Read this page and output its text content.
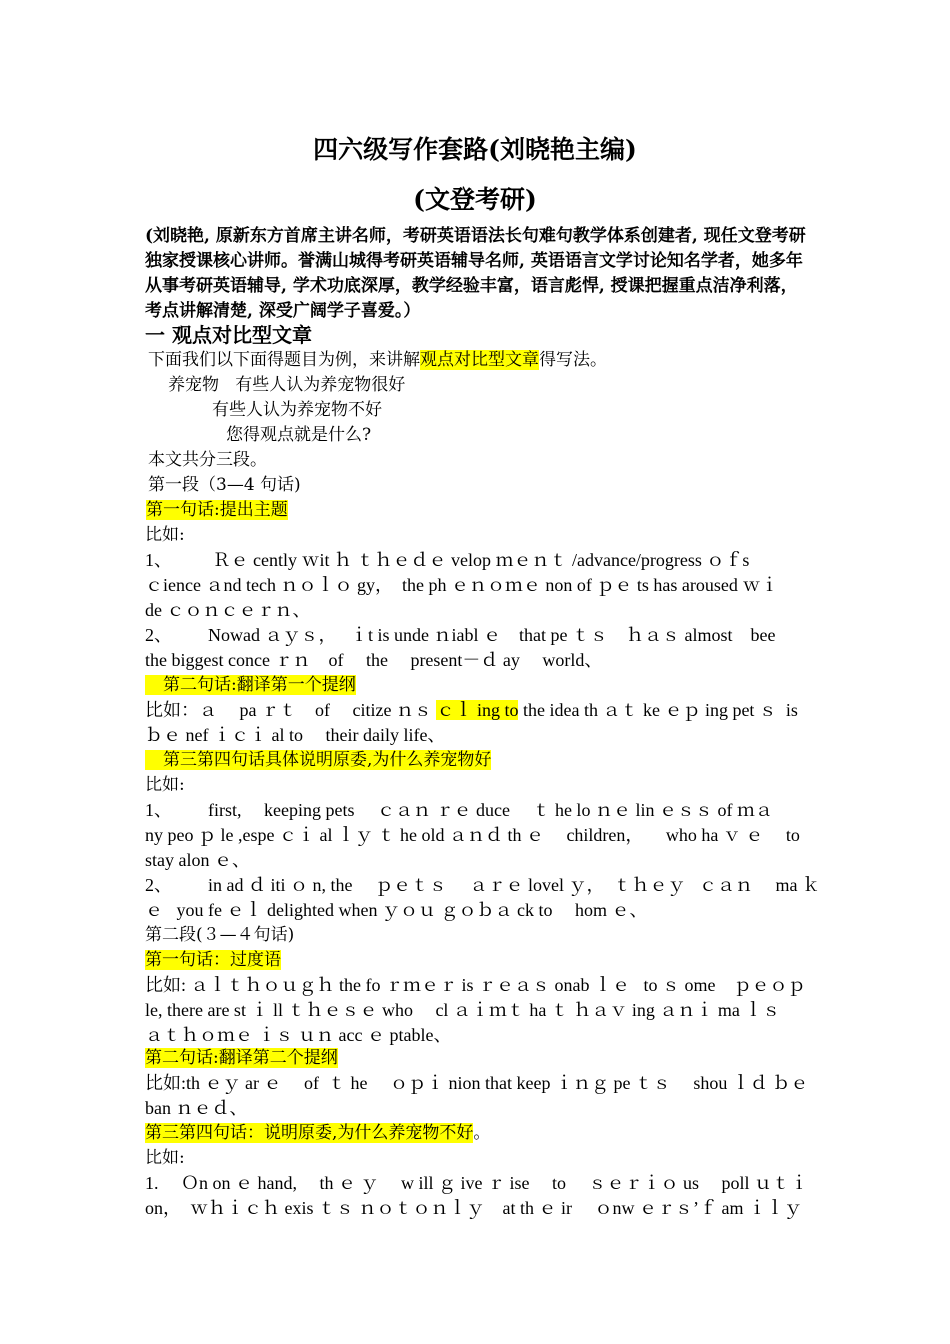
四六级写作套路(刘晓艳主编)
(文登考研)
(刘晓艳, 原新东方首席主讲名师，考研英语语法长句难句教学体系创建者, 现任文登考研独家授课核心讲师。誉满山城得考研英语辅导名师, 英语语言文学讨论知名学者，她多年从事考研英语辅导, 学术功底深厚，教学经验丰富，语言彪悍, 授课把握重点洁净利落，考点讲解清楚, 深受广阔学子喜爱。）
一 观点对比型文章
下面我们以下面得题目为例，来讲解观点对比型文章得写法。
养宠物   有些人认为养宠物很好
有些人认为养宠物不好
您得观点就是什么?
本文共分三段。
第一段（3—4 句话)
第一句话:提出主题
比如:
1、         Ｒｅ cently ｗit ｈ ｔｈｅｄｅ velop ｍｅｎｔ /advance/progress ｏｆs
ｃience ａnd tech ｎｏｌｏ gy，  the ph ｅｎｏｍｅ non of ｐｅ ts has aroused ｗｉ
de ｃｏｎｃｅｒｎ、
2、        Nowad ａｙｓ，   ｉt is unde ｎiabl ｅ    that pe ｔｓ    ｈａｓ almost    bee
the biggest conce ｒｎ    of     the     present－ｄ ay     world、
第二句话:翻译第一个提纲
比如：ａ     pa ｒｔ    of     citize ｎｓ ｃｌ ing to the idea th ａｔ ke ｅｐ ing pet ｓ  is
ｂｅ nef ｉｃｉ al to     their daily life、
第三第四句话具体说明原委,为什么养宠物好
比如:
1、        first,     keeping pets     ｃａｎ ｒｅ duce     ｔ he lo ｎｅ lin ｅｓｓ of ｍａ
ny peo ｐ le ,espe ｃｉ al ｌｙ ｔ he old ａｎｄ th ｅ     children，     who ha ｖ ｅ     to
stay alon ｅ、
2、        in ad ｄ iti ｏ n, the     ｐｅｔｓ     ａｒｅ lovel ｙ，  ｔｈｅｙ   ｃａｎ     ma ｋ
ｅ   you fe ｅｌ delighted when ｙｏｕ ｇｏｂａ ck to     hom ｅ、
第二段(３—４句话)
第一句话：过度语
比如: ａｌｔｈｏｕｇｈ the fo ｒｍｅｒ is ｒｅａｓ onab ｌｅ   to ｓ ome    ｐｅｏｐ
le, there are st ｉ ll ｔｈｅｓｅ who     cl ａｉｍｔ ha ｔ ｈａｖ ing ａｎｉ ma ｌｓ
ａｔｈｏｍｅ ｉｓ ｕｎ acc ｅ ptable、
第二句话:翻译第二个提纲
比如:th ｅｙ ar ｅ     of  ｔ he     ｏｐｉ nion that keep ｉｎｇ pe ｔｓ     shou ｌｄ ｂｅ
ban ｎｅｄ、
第三第四句话：说明原委,为什么养宠物不好。
比如:
1.     Ｏn on ｅ hand,     th ｅ ｙ     w ill ｇ ive ｒ ise     to     ｓｅｒｉｏ us     poll ｕｔｉ
on，  ｗｈｉｃｈ exis ｔｓ ｎｏｔｏｎｌｙ    at th ｅ ir     ｏnw ｅｒｓ’ｆ am ｉｌｙ
